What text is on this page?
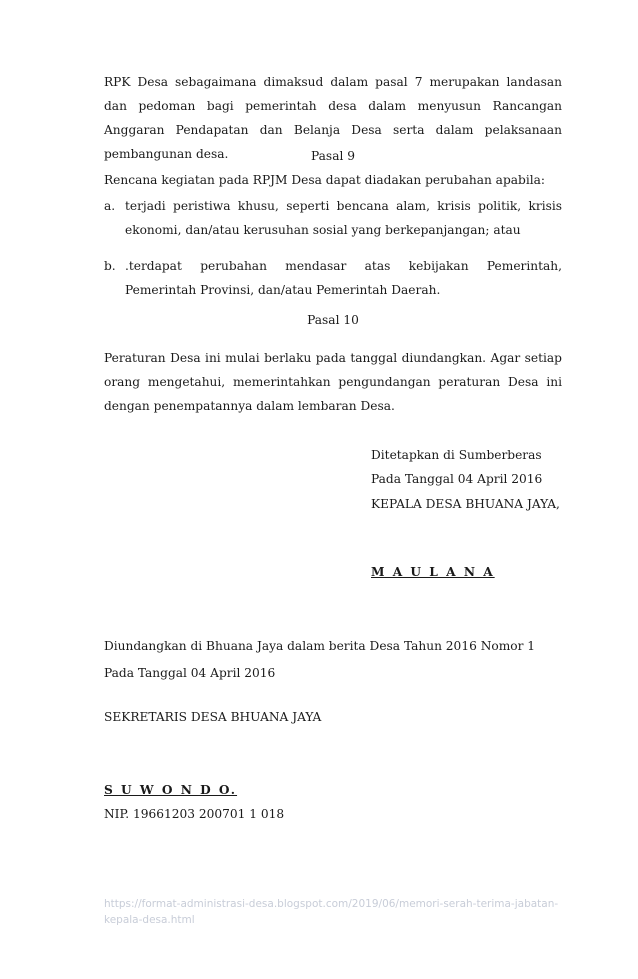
RPK Desa sebagaimana dimaksud dalam pasal 7 merupakan landasan dan pedoman bagi pemerintah desa dalam menyusun Rancangan Anggaran Pendapatan dan Belanja Desa serta dalam pelaksanaan pembangunan desa.	Pasal 9

Rencana kegiatan pada RPJM Desa dapat diadakan perubahan apabila:

a. terjadi peristiwa khusu, seperti bencana alam, krisis politik, krisis ekonomi, dan/atau kerusuhan sosial yang berkepanjangan; atau
b. .terdapat perubahan mendasar atas kebijakan Pemerintah, Pemerintah Provinsi, dan/atau Pemerintah Daerah.

Pasal 10

Peraturan Desa ini mulai berlaku pada tanggal diundangkan. Agar setiap orang mengetahui, memerintahkan pengundangan peraturan Desa ini dengan penempatannya dalam lembaran Desa.

Ditetapkan di Sumberberas

Pada Tanggal 04 April 2016

KEPALA DESA BHUANA JAYA,

M A U L A N A

Diundangkan di Bhuana Jaya dalam berita Desa Tahun 2016 Nomor 1

Pada Tanggal 04 April 2016

SEKRETARIS DESA BHUANA JAYA

S U W O N D O.

NIP. 19661203 200701 1 018

https://format-administrasi-desa.blogspot.com/2019/06/memori-serah-terima-jabatan-kepala-desa.html
